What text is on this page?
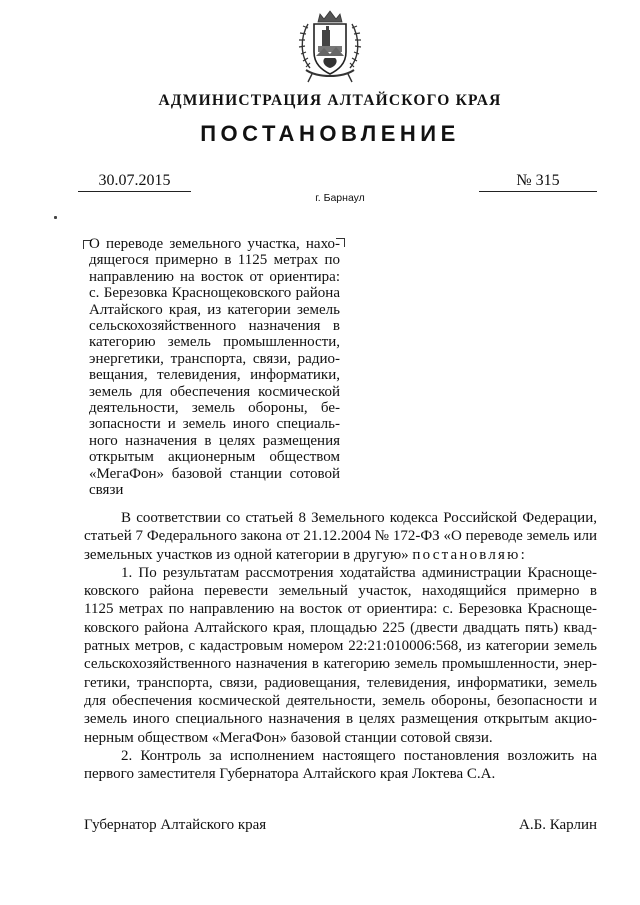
АДМИНИСТРАЦИЯ АЛТАЙСКОГО КРАЯ
ПОСТАНОВЛЕНИЕ
30.07.2015	№ 315
г. Барнаул
О переводе земельного участка, нахо-
дящегося примерно в 1125 метрах по
направлению на восток от ориентира:
с. Березовка Краснощековского района
Алтайского края, из категории земель
сельскохозяйственного назначения в
категорию земель промышленности,
энергетики, транспорта, связи, радио-
вещания, телевидения, информатики,
земель для обеспечения космической
деятельности, земель обороны, бе-
зопасности и земель иного специаль-
ного назначения в целях размещения
открытым акционерным обществом
«МегаФон» базовой станции сотовой
связи
В соответствии со статьей 8 Земельного кодекса Российской Федерации,
статьей 7 Федерального закона от 21.12.2004 № 172-ФЗ «О переводе земель или
земельных участков из одной категории в другую» постановляю:
1. По результатам рассмотрения ходатайства администрации Краснощe-
ковского района перевести земельный участок, находящийся примерно в
1125 метрах по направлению на восток от ориентира: с. Березовка Краснощe-
ковского района Алтайского края, площадью 225 (двести двадцать пять) квад-
ратных метров, с кадастровым номером 22:21:010006:568, из категории земель
сельскохозяйственного назначения в категорию земель промышленности, энер-
гетики, транспорта, связи, радиовещания, телевидения, информатики, земель
для обеспечения космической деятельности, земель обороны, безопасности и
земель иного специального назначения в целях размещения открытым акцио-
нерным обществом «МегаФон» базовой станции сотовой связи.
2. Контроль за исполнением настоящего постановления возложить на
первого заместителя Губернатора Алтайского края Локтева С.А.
Губернатор Алтайского края	А.Б. Карлин
